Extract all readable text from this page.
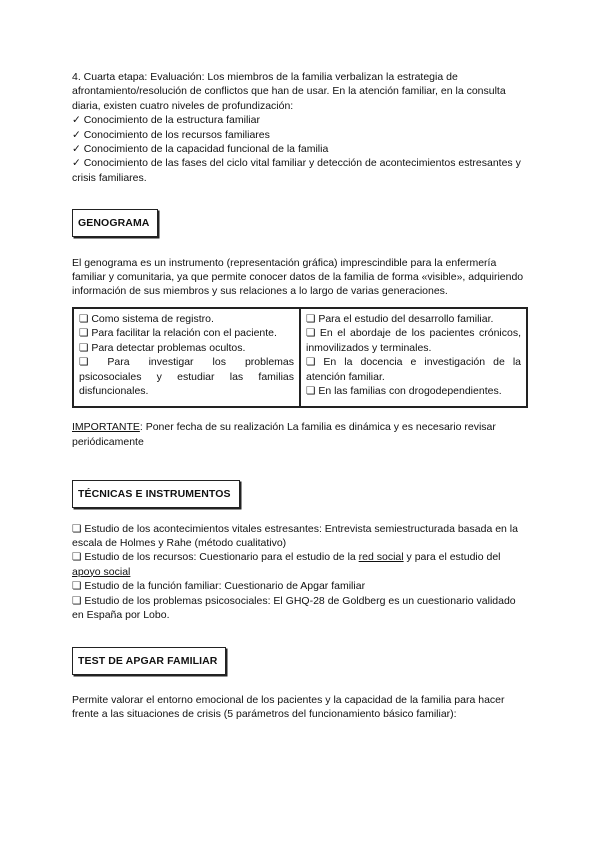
4. Cuarta etapa: Evaluación: Los miembros de la familia verbalizan la estrategia de afrontamiento/resolución de conflictos que han de usar. En la atención familiar, en la consulta diaria, existen cuatro niveles de profundización:

✓ Conocimiento de la estructura familiar

✓ Conocimiento de los recursos familiares

✓ Conocimiento de la capacidad funcional de la familia

✓ Conocimiento de las fases del ciclo vital familiar y detección de acontecimientos estresantes y crisis familiares.

GENOGRAMA

El genograma es un instrumento (representación gráfica) imprescindible para la enfermería familiar y comunitaria, ya que permite conocer datos de la familia de forma «visible», adquiriendo información de sus miembros y sus relaciones a lo largo de varias generaciones.

❏ Como sistema de registro.

❏ Para facilitar la relación con el paciente.

❏ Para detectar problemas ocultos.

❏ Para investigar los problemas psicosociales y estudiar las familias disfuncionales.

❏ Para el estudio del desarrollo familiar.

❏ En el abordaje de los pacientes crónicos, inmovilizados y terminales.

❏ En la docencia e investigación de la atención familiar.

❏ En las familias con drogodependientes.

IMPORTANTE: Poner fecha de su realización La familia es dinámica y es necesario revisar periódicamente

TÉCNICAS E INSTRUMENTOS

❏ Estudio de los acontecimientos vitales estresantes: Entrevista semiestructurada basada en la escala de Holmes y Rahe (método cualitativo)

❏ Estudio de los recursos: Cuestionario para el estudio de la red social y para el estudio del apoyo social

❏ Estudio de la función familiar: Cuestionario de Apgar familiar

❏ Estudio de los problemas psicosociales: El GHQ-28 de Goldberg es un cuestionario validado en España por Lobo.

TEST DE APGAR FAMILIAR

Permite valorar el entorno emocional de los pacientes y la capacidad de la familia para hacer frente a las situaciones de crisis (5 parámetros del funcionamiento básico familiar):
